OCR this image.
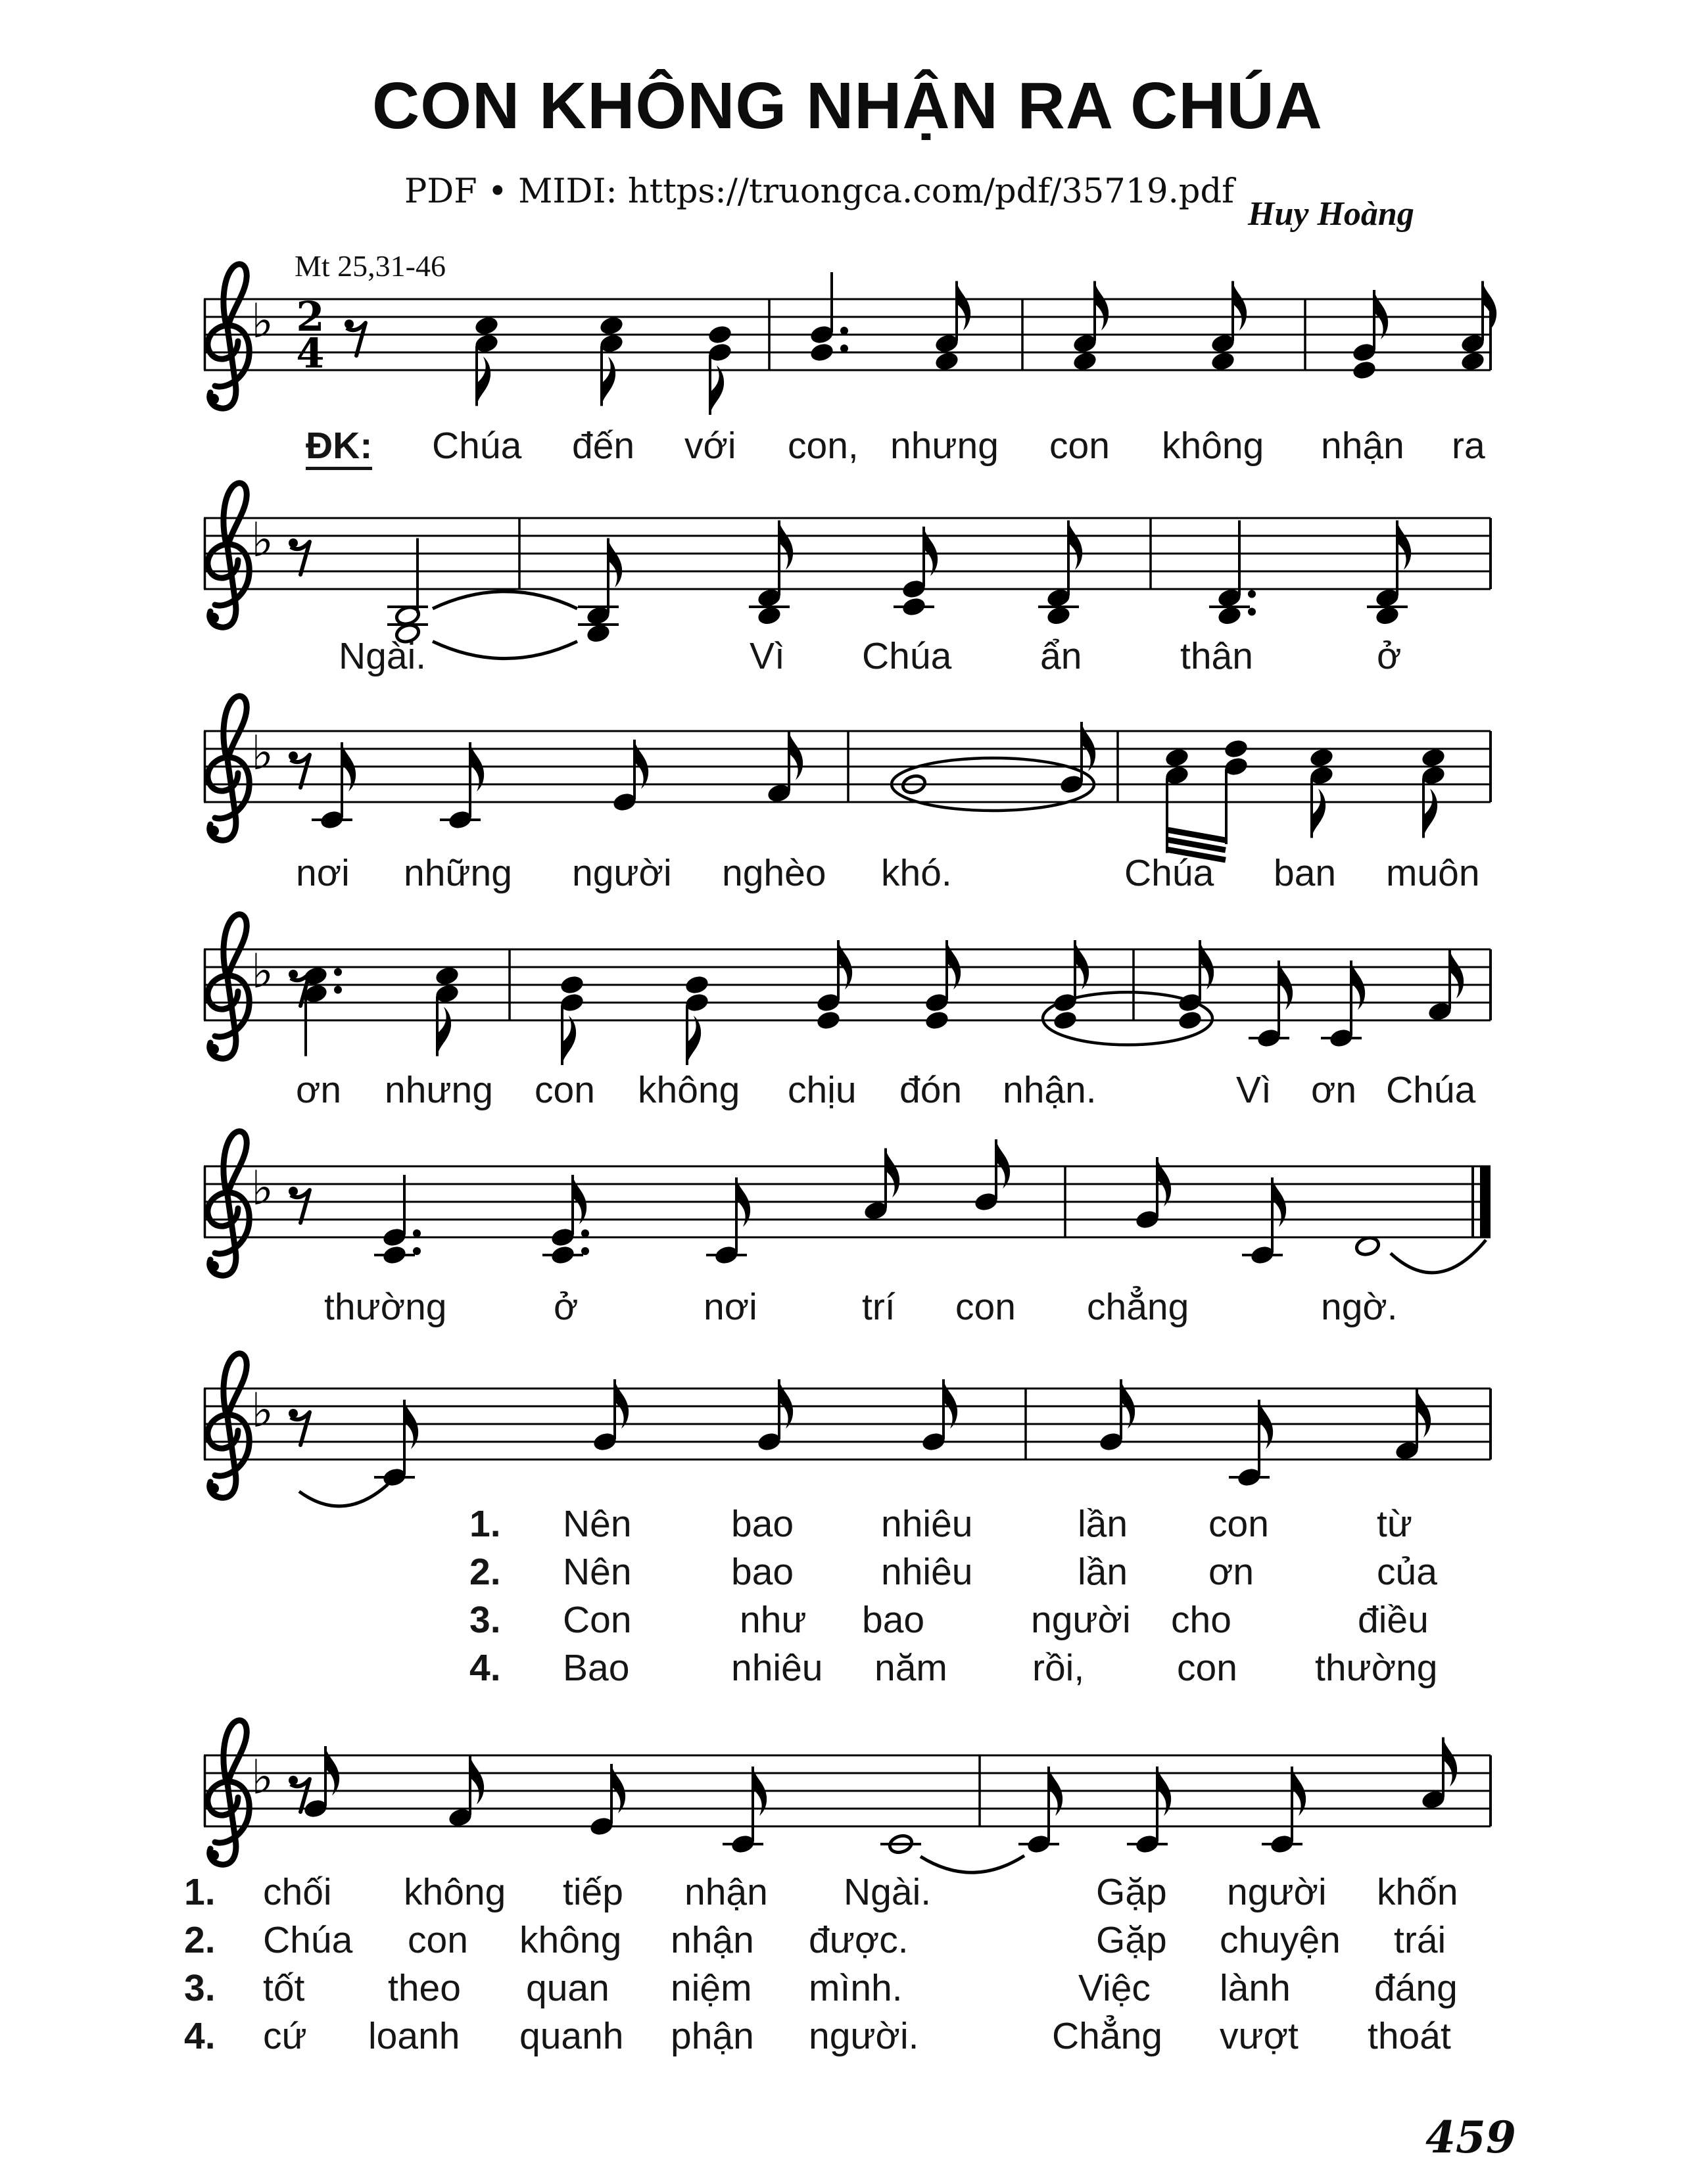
CON KHÔNG NHẬN RA CHÚA
PDF • MIDI: https://truongca.com/pdf/35719.pdf
Huy Hoàng
Mt 25,31-46
♭ 2
4
♭
♭
♭
♭
♭
♭
ĐK: Chúa đến với con, nhưng con không nhận ra
Ngài.	Vì Chúa ẩn	thân	ở
nơi những người nghèo khó.	Chúa ban muôn
ơn nhưng con không chịu đón nhận.	Vì ơn Chúa
thường	ở	nơi	trí con chẳng	ngờ.
1. Nên	bao nhiêu	lần con	từ
2. Nên	bao nhiêu	lần ơn	của
3. Con	như bao	người cho	điều
4. Bao	nhiêu năm rồi, con thường
1. chối không tiếp nhận Ngài.	Gặp người khốn
2. Chúa con không nhận được.	Gặp chuyện trái
3. tốt theo quan niệm mình.	Việc lành đáng
4. cứ loanh quanh phận người.	Chẳng vượt thoát
459
